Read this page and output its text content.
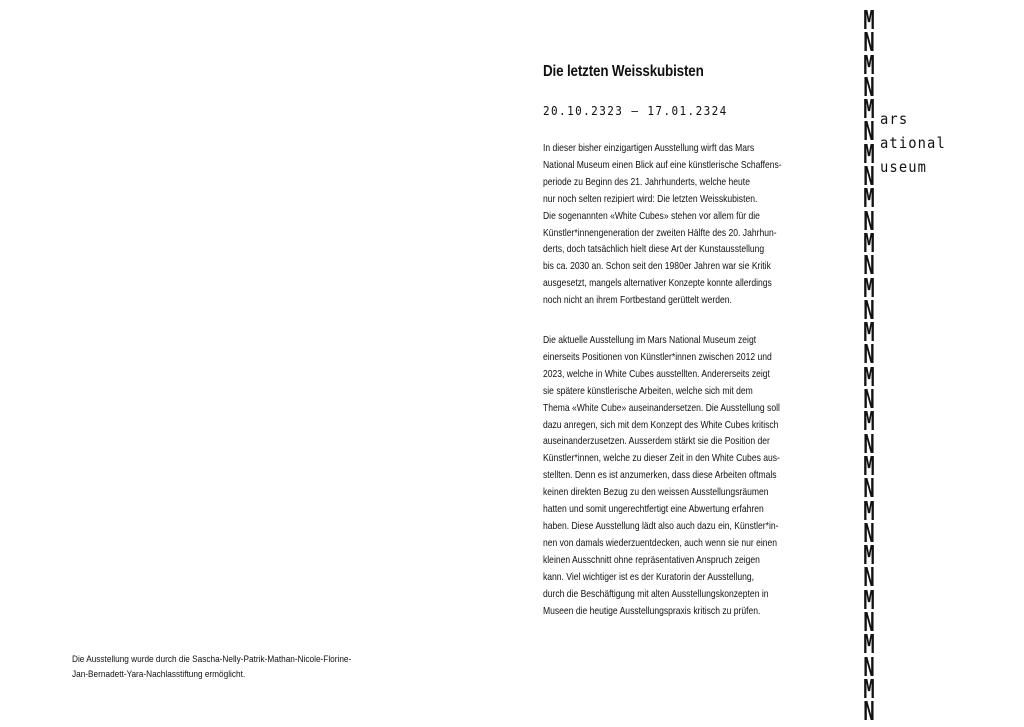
Die Ausstellung wurde durch die Sascha-Nelly-Patrik-Mathan-Nicole-Florine-
Jan-Bernadett-Yara-Nachlasstiftung ermöglicht.
Die letzten Weisskubisten
20.10.2323 – 17.01.2324
In dieser bisher einzigartigen Ausstellung wirft das Mars
National Museum einen Blick auf eine künstlerische Schaffens-
periode zu Beginn des 21. Jahrhunderts, welche heute
nur noch selten rezipiert wird: Die letzten Weisskubisten.
Die sogenannten «White Cubes» stehen vor allem für die
Künstler*innengeneration der zweiten Hälfte des 20. Jahrhun-
derts, doch tatsächlich hielt diese Art der Kunstausstellung
bis ca. 2030 an. Schon seit den 1980er Jahren war sie Kritik
ausgesetzt, mangels alternativer Konzepte konnte allerdings
noch nicht an ihrem Fortbestand gerüttelt werden.
Die aktuelle Ausstellung im Mars National Museum zeigt
einerseits Positionen von Künstler*innen zwischen 2012 und
2023, welche in White Cubes ausstellten. Andererseits zeigt
sie spätere künstlerische Arbeiten, welche sich mit dem
Thema «White Cube» auseinandersetzen. Die Ausstellung soll
dazu anregen, sich mit dem Konzept des White Cubes kritisch
auseinanderzusetzen. Ausserdem stärkt sie die Position der
Künstler*innen, welche zu dieser Zeit in den White Cubes aus-
stellten. Denn es ist anzumerken, dass diese Arbeiten oftmals
keinen direkten Bezug zu den weissen Ausstellungsräumen
hatten und somit ungerechtfertigt eine Abwertung erfahren
haben. Diese Ausstellung lädt also auch dazu ein, Künstler*in-
nen von damals wiederzuentdecken, auch wenn sie nur einen
kleinen Ausschnitt ohne repräsentativen Anspruch zeigen
kann. Viel wichtiger ist es der Kuratorin der Ausstellung,
durch die Beschäftigung mit alten Ausstellungskonzepten in
Museen die heutige Ausstellungspraxis kritisch zu prüfen.
M
N
M
N
M
N
M
N
M
N
M
N
M
N
M
N
M
N
M
N
M
N
M
N
M
N
M
N
M
N
M
N
ars
ational
useum
